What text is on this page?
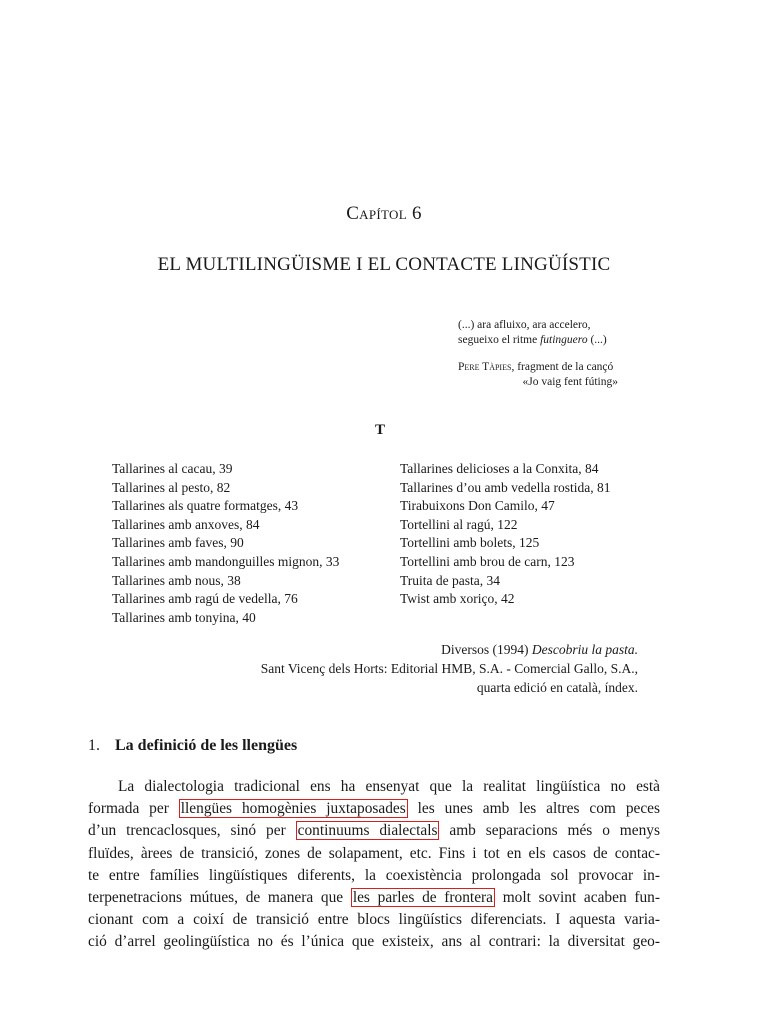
Capítol 6
EL MULTILINGÜISME I EL CONTACTE LINGÜÍSTIC
(...) ara afluixo, ara accelero,
segueixo el ritme futinguero (...)
Pere Tàpies, fragment de la cançó
«Jo vaig fent fúting»
T
Tallarines al cacau, 39
Tallarines al pesto, 82
Tallarines als quatre formatges, 43
Tallarines amb anxoves, 84
Tallarines amb faves, 90
Tallarines amb mandonguilles mignon, 33
Tallarines amb nous, 38
Tallarines amb ragú de vedella, 76
Tallarines amb tonyina, 40
Tallarines delicioses a la Conxita, 84
Tallarines d’ou amb vedella rostida, 81
Tirabuixons Don Camilo, 47
Tortellini al ragú, 122
Tortellini amb bolets, 125
Tortellini amb brou de carn, 123
Truita de pasta, 34
Twist amb xoriço, 42
Diversos (1994) Descobriu la pasta.
Sant Vicenç dels Horts: Editorial HMB, S.A. - Comercial Gallo, S.A.,
quarta edició en català, índex.
1. La definició de les llengües
La dialectologia tradicional ens ha ensenyat que la realitat lingüística no està
formada per llengües homogènies juxtaposades les unes amb les altres com peces
d’un trencaclosques, sinó per continuums dialectals amb separacions més o menys
fluïdes, àrees de transició, zones de solapament, etc. Fins i tot en els casos de contac-
te entre famílies lingüístiques diferents, la coexistència prolongada sol provocar in-
terpenetracions mútues, de manera que les parles de frontera molt sovint acaben fun-
cionant com a coixí de transició entre blocs lingüístics diferenciats. I aquesta varia-
ció d’arrel geolingüística no és l’única que existeix, ans al contrari: la diversitat geo-
